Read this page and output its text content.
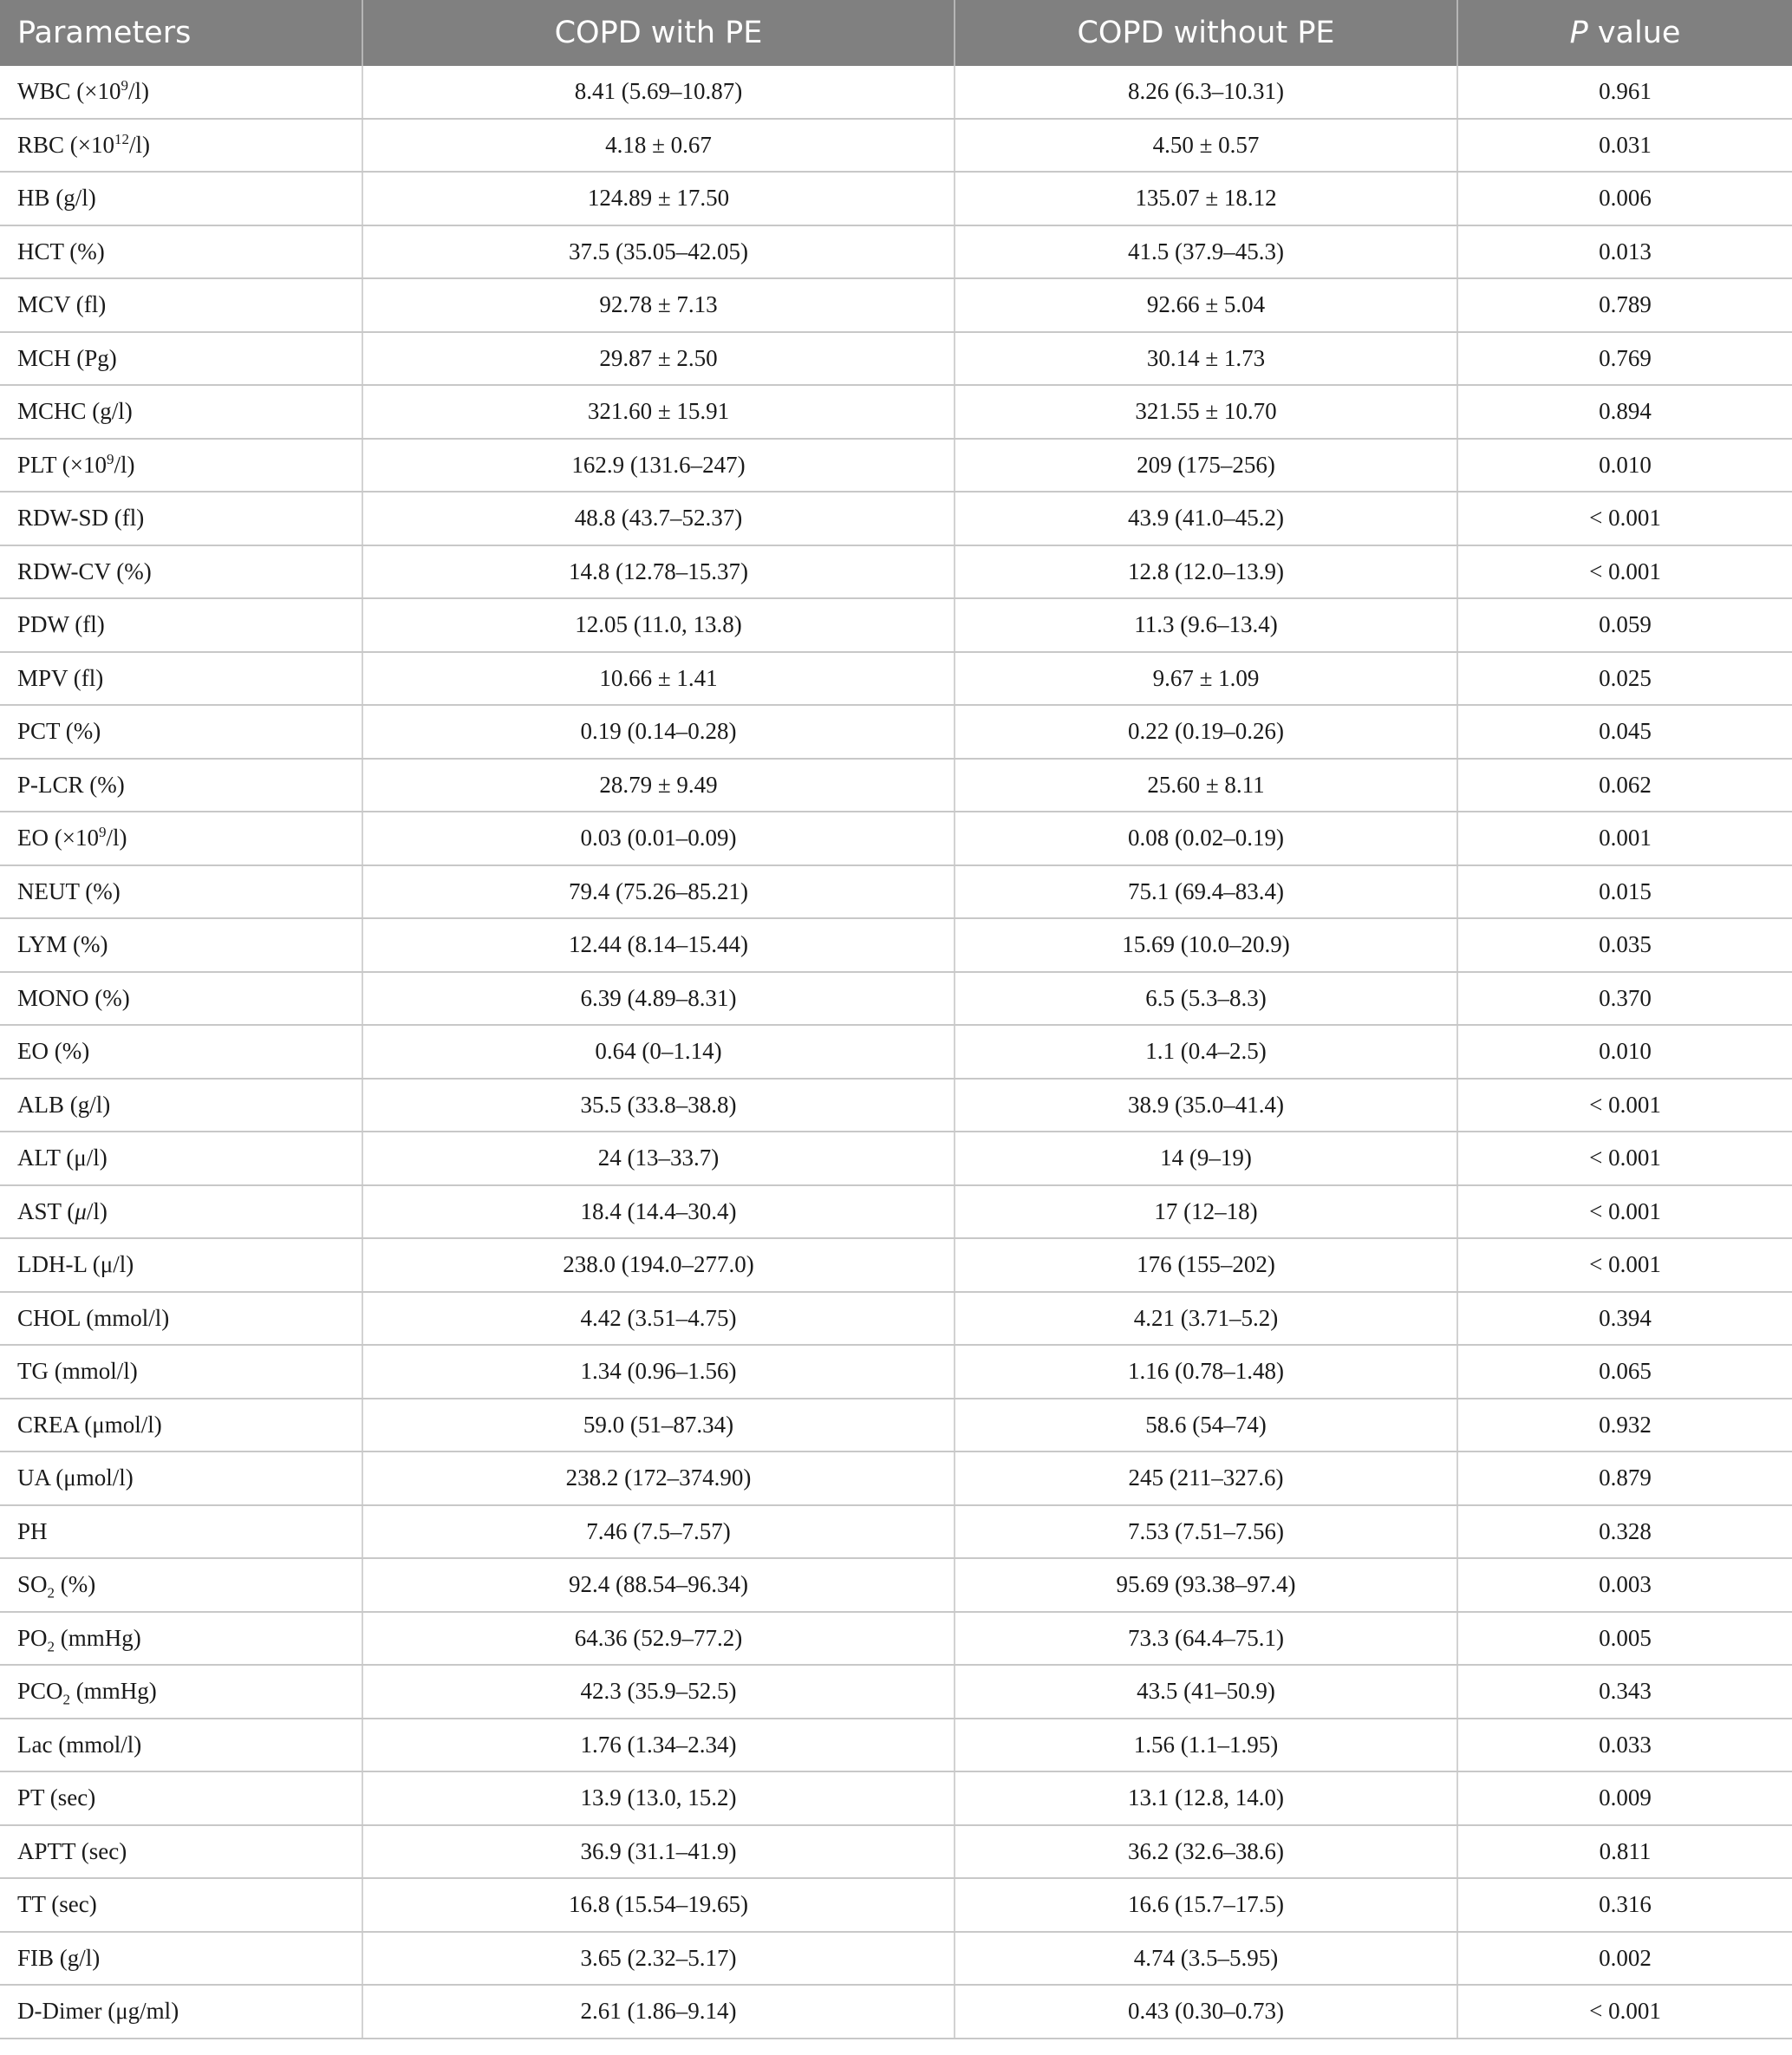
Parameters	COPD with PE	COPD without PE	P value
WBC $(\times 10^9/l)$	8.41 (5.69–10.87)	8.26 (6.3–10.31)	0.961
RBC $(\times 10^{12}/l)$	4.18 ± 0.67	4.50 ± 0.57	0.031
HB (g/l)	124.89 ± 17.50	135.07 ± 18.12	0.006
HCT (%)	37.5 (35.05–42.05)	41.5 (37.9–45.3)	0.013
MCV (fl)	92.78 ± 7.13	92.66 ± 5.04	0.789
MCH (Pg)	29.87 ± 2.50	30.14 ± 1.73	0.769
MCHC (g/l)	321.60 ± 15.91	321.55 ± 10.70	0.894
PLT $(\times 10^9/l)$	162.9 (131.6–247)	209 (175–256)	0.010
RDW-SD (fl)	48.8 (43.7–52.37)	43.9 (41.0–45.2)	< 0.001
RDW-CV (%)	14.8 (12.78–15.37)	12.8 (12.0–13.9)	< 0.001
PDW (fl)	12.05 (11.0, 13.8)	11.3 (9.6–13.4)	0.059
MPV (fl)	10.66 ± 1.41	9.67 ± 1.09	0.025
PCT (%)	0.19 (0.14–0.28)	0.22 (0.19–0.26)	0.045
P-LCR (%)	28.79 ± 9.49	25.60 ± 8.11	0.062
EO $(\times 10^9/l)$	0.03 (0.01–0.09)	0.08 (0.02–0.19)	0.001
NEUT (%)	79.4 (75.26–85.21)	75.1 (69.4–83.4)	0.015
LYM (%)	12.44 (8.14–15.44)	15.69 (10.0–20.9)	0.035
MONO (%)	6.39 (4.89–8.31)	6.5 (5.3–8.3)	0.370
EO (%)	0.64 (0–1.14)	1.1 (0.4–2.5)	0.010
ALB (g/l)	35.5 (33.8–38.8)	38.9 (35.0–41.4)	< 0.001
ALT (μ/l)	24 (13–33.7)	14 (9–19)	< 0.001
AST (μ/l)	18.4 (14.4–30.4)	17 (12–18)	< 0.001
LDH-L (μ/l)	238.0 (194.0–277.0)	176 (155–202)	< 0.001
CHOL (mmol/l)	4.42 (3.51–4.75)	4.21 (3.71–5.2)	0.394
TG (mmol/l)	1.34 (0.96–1.56)	1.16 (0.78–1.48)	0.065
CREA (μmol/l)	59.0 (51–87.34)	58.6 (54–74)	0.932
UA (μmol/l)	238.2 (172–374.90)	245 (211–327.6)	0.879
PH	7.46 (7.5–7.57)	7.53 (7.51–7.56)	0.328
$SO_2$ (%)	92.4 (88.54–96.34)	95.69 (93.38–97.4)	0.003
$PO_2$ (mmHg)	64.36 (52.9–77.2)	73.3 (64.4–75.1)	0.005
$PCO_2$ (mmHg)	42.3 (35.9–52.5)	43.5 (41–50.9)	0.343
Lac (mmol/l)	1.76 (1.34–2.34)	1.56 (1.1–1.95)	0.033
PT (sec)	13.9 (13.0, 15.2)	13.1 (12.8, 14.0)	0.009
APTT (sec)	36.9 (31.1–41.9)	36.2 (32.6–38.6)	0.811
TT (sec)	16.8 (15.54–19.65)	16.6 (15.7–17.5)	0.316
FIB (g/l)	3.65 (2.32–5.17)	4.74 (3.5–5.95)	0.002
D-Dimer (μg/ml)	2.61 (1.86–9.14)	0.43 (0.30–0.73)	< 0.001
